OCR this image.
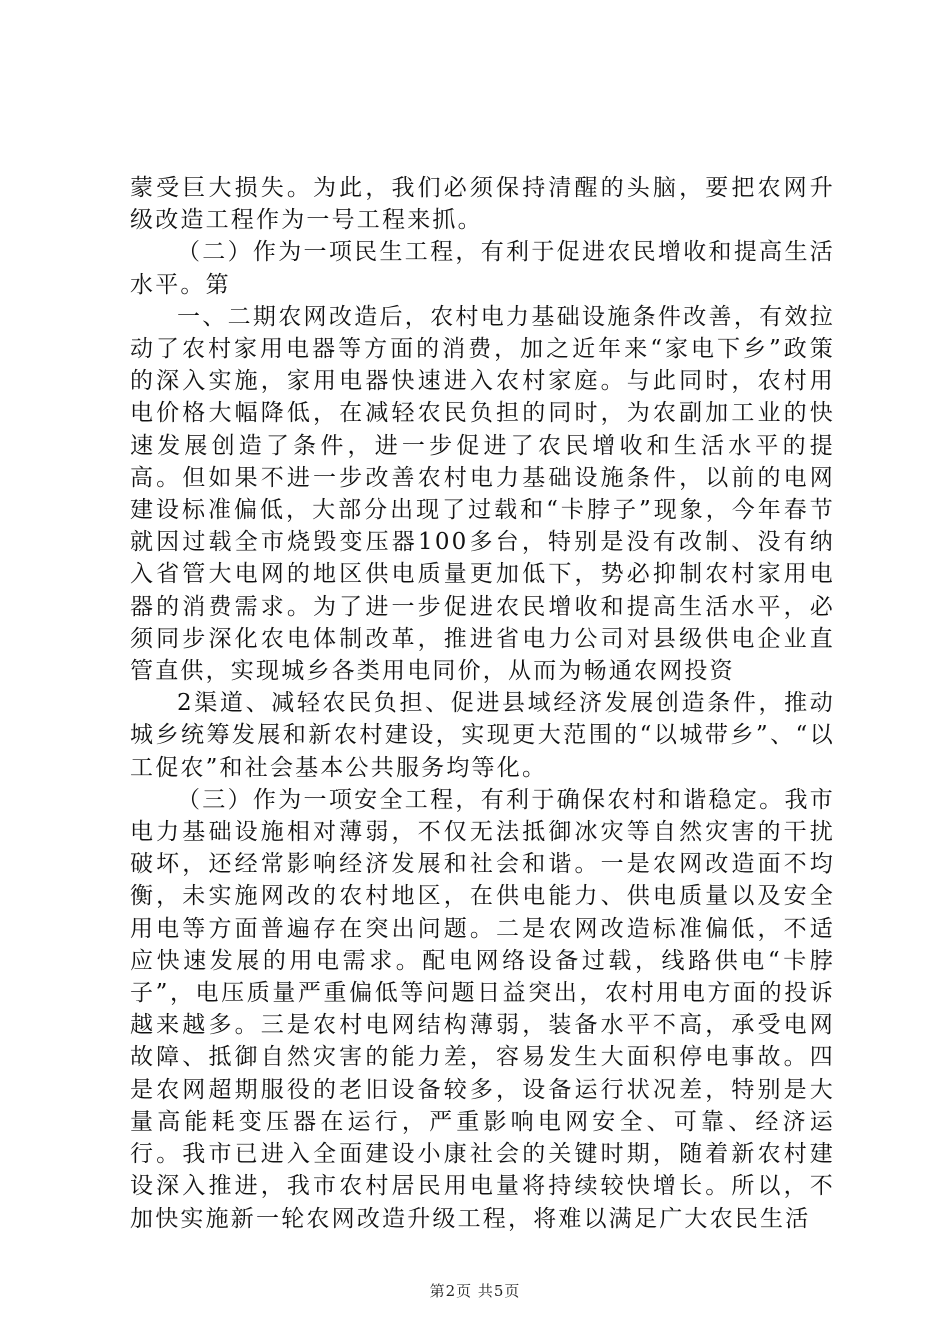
蒙受巨大损失。为此，我们必须保持清醒的头脑，要把农网升级改造工程作为一号工程来抓。

（二）作为一项民生工程，有利于促进农民增收和提高生活水平。第

一、二期农网改造后，农村电力基础设施条件改善，有效拉动了农村家用电器等方面的消费，加之近年来“家电下乡”政策的深入实施，家用电器快速进入农村家庭。与此同时，农村用电价格大幅降低，在减轻农民负担的同时，为农副加工业的快速发展创造了条件，进一步促进了农民增收和生活水平的提高。但如果不进一步改善农村电力基础设施条件，以前的电网建设标准偏低，大部分出现了过载和“卡脖子”现象，今年春节就因过载全市烧毁变压器100多台，特别是没有改制、没有纳入省管大电网的地区供电质量更加低下，势必抑制农村家用电器的消费需求。为了进一步促进农民增收和提高生活水平，必须同步深化农电体制改革，推进省电力公司对县级供电企业直管直供，实现城乡各类用电同价，从而为畅通农网投资

2渠道、减轻农民负担、促进县域经济发展创造条件，推动城乡统筹发展和新农村建设，实现更大范围的“以城带乡”、“以工促农”和社会基本公共服务均等化。

（三）作为一项安全工程，有利于确保农村和谐稳定。我市电力基础设施相对薄弱，不仅无法抵御冰灾等自然灾害的干扰破坏，还经常影响经济发展和社会和谐。一是农网改造面不均衡，未实施网改的农村地区，在供电能力、供电质量以及安全用电等方面普遍存在突出问题。二是农网改造标准偏低，不适应快速发展的用电需求。配电网络设备过载，线路供电“卡脖子”，电压质量严重偏低等问题日益突出，农村用电方面的投诉越来越多。三是农村电网结构薄弱，装备水平不高，承受电网故障、抵御自然灾害的能力差，容易发生大面积停电事故。四是农网超期服役的老旧设备较多，设备运行状况差，特别是大量高能耗变压器在运行，严重影响电网安全、可靠、经济运行。我市已进入全面建设小康社会的关键时期，随着新农村建设深入推进，我市农村居民用电量将持续较快增长。所以，不加快实施新一轮农网改造升级工程，将难以满足广大农民生活

第2页 共5页
